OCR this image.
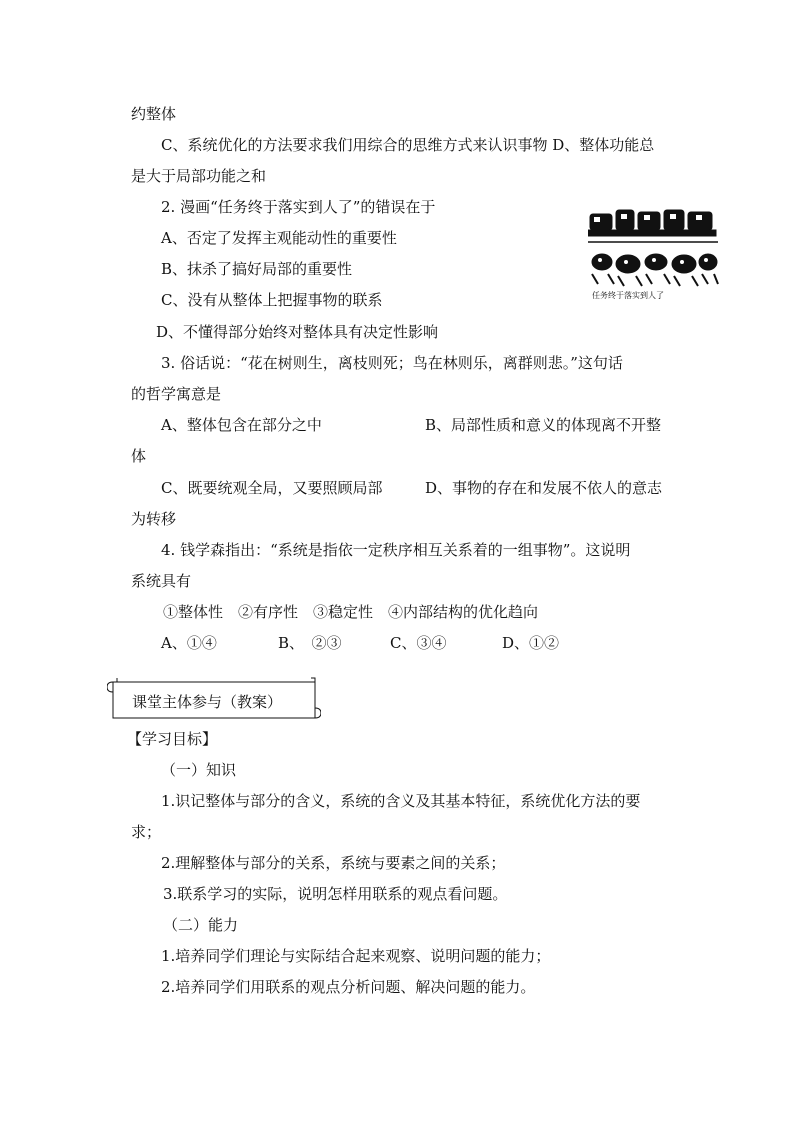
约整体
C、系统优化的方法要求我们用综合的思维方式来认识事物 D、整体功能总
是大于局部功能之和
2. 漫画“任务终于落实到人了”的错误在于
A、否定了发挥主观能动性的重要性
B、抹杀了搞好局部的重要性
C、没有从整体上把握事物的联系
D、不懂得部分始终对整体具有决定性影响
任务终于落实到人了
3. 俗话说：“花在树则生，离枝则死；鸟在林则乐，离群则悲。”这句话
的哲学寓意是
A、整体包含在部分之中	B、局部性质和意义的体现离不开整
体
C、既要统观全局，又要照顾局部	D、事物的存在和发展不依人的意志
为转移
4. 钱学森指出：“系统是指依一定秩序相互关系着的一组事物”。这说明
系统具有
①整体性　②有序性　③稳定性　④内部结构的优化趋向
A、①④	B、　②③	C、③④	D、①②
课堂主体参与（教案）
【学习目标】
（一）知识
1.识记整体与部分的含义，系统的含义及其基本特征，系统优化方法的要
求；
2.理解整体与部分的关系，系统与要素之间的关系；
3.联系学习的实际，说明怎样用联系的观点看问题。
（二）能力
1.培养同学们理论与实际结合起来观察、说明问题的能力；
2.培养同学们用联系的观点分析问题、解决问题的能力。
